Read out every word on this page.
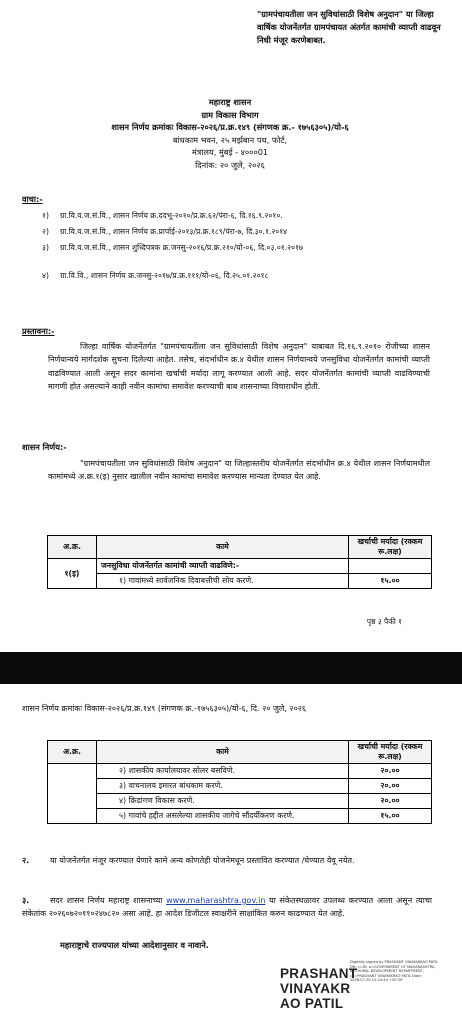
"ग्रामपंचायतीला जन सुविधांसाठी विशेष अनुदान" या जिल्हा वार्षिक योजनेंतर्गत ग्रामपंचायत अंतर्गत कामांची व्याप्ती वाढवून निधी मंजूर करणेबाबत.
महाराष्ट्र शासन
ग्राम विकास विभाग
शासन निर्णय क्रमांकः विकास-२०२६/प्र.क्र.१४९ (संगणक क्र.- १७५६३०५)/यो-६
बांधकाम भवन, २५ मर्झबान पथ, फोर्ट,
मंत्रालय, मुंबई - ४०००01
दिनांक: २० जुले, २०२६
वाचा:-
१) ग्रा.वि.व.ज.सं.वि., शासन निर्णय क्र.ददभू-२०१०/प्र.क्र.६२/पंरा-६, दि.१६.९.२०१०.
२) ग्रा.वि.व.ज.सं.वि., शासन निर्णय क्र.प्रार्पाई-२०१३/प्र.क्र.१८९/पंरा-७, दि.३०.१.२०१४
३) ग्रा.वि.व.ज.सं.वि., शासन शुध्दिपत्रक क्र.जनसु-२०१६/प्र.क्र.२१०/यो-०६, दि.०३.०१.२०१७
४) ग्रा.वि.वि., शासन निर्णय क्र.जनसु-२०१७/प्र.क्र.१११/यो-०६, दि.२५.०१.२०१८
प्रस्तावना:-
जिल्हा वार्षिक योजनेंतर्गत "ग्रामपंचायतीला जन सुविधांसाठी विशेष अनुदान" याबाबत दि.१६.९.२०१० रोजीच्या शासन निर्णयान्वये मार्गदर्शक सुचना दिलेल्या आहेत. तसेच, संदर्भाधीन क्र.४ येथील शासन निर्णयान्वये जनसुविधा योजनेंतर्गत कामांची व्याप्ती वाढविण्यात आली असून सदर कामांना खर्चाची मर्यादा लागू करण्यात आली आहे. सदर योजनेंतर्गत कामांची व्याप्ती वाढविण्याची मागणी होत असल्याने काही नवीन कामांचा समावेश करण्याची बाब शासनाच्या विचाराधीन होती.
शासन निर्णय:-
"ग्रामपंचायतीला जन सुविधांसाठी विशेष अनुदान" या जिल्हास्तरीय योजनेंतर्गत संदर्भाधीन क्र.४ येथील शासन निर्णयामधील कामांमध्ये अ.क्र.१(इ) नुसार खालील नवीन कामांचा समावेश करण्यास मान्यता देण्यात येत आहे.
अ.क्र.	कामे	खर्चाची मर्यादा (रक्कम रू.लक्ष)
१(इ)	जनसुविधा योजनेंतर्गत कामांची व्याप्ती वाढविणे:-	
	१) गावांमध्ये सार्वजनिक दिवाबत्तीची सोय करणे.	१५.००
पृष्ठ ३ पैकी १
शासन निर्णय क्रमांकः विकास-२०२६/प्र.क्र.१४९ (संगणक क्र.-१७५६३०५)/यो-६, दि. २० जुले, २०२६
अ.क्र.	कामे	खर्चाची मर्यादा (रक्कम रू.लक्ष)
	२) शासकीय कार्यालयावर सोलर बसविणे.	२०.००
	३) वाचनालय इमारत बांधकाम करणे.	२०.००
	४) क्रिडांगण विकास करणे.	२०.००
	५) गावांचे हद्दीत असलेल्या शासकीय जागेचे सौंदर्यीकरण करणे.	१५.००
२.	या योजनेंतर्गत मंजूर करण्यात येणारे कामे अन्य कोणतेही योजनेमधून प्रस्तावित करण्यात /घेण्यात येवू नयेत.
३.	सदर शासन निर्णय महाराष्ट्र शासनाच्या www.maharashtra.gov.in या संकेतस्थळावर उपलब्ध करण्यात आला असून त्याचा संकेतांक २०२६०७२०११०२४७८२० असा आहे. हा आदेश डिजीटल स्वाक्षरीने साक्षांकित करुन काढण्यात येत आहे.
महाराष्ट्राचे राज्यपाल यांच्या आदेशानुसार व नावाने.
PRASHANT
VINAYAKR
AO PATIL
Digitally signed by PRASHANT VINAYAKRAO PATIL DN: c=IN, o=GOVERNMENT OF MAHARASHTRA, ou=RURAL DEVELOPMENT DEPARTMENT, cn=PRASHANT VINAYAKRAO PATIL Date: 2026.07.20 11:24:44 +05'30'
